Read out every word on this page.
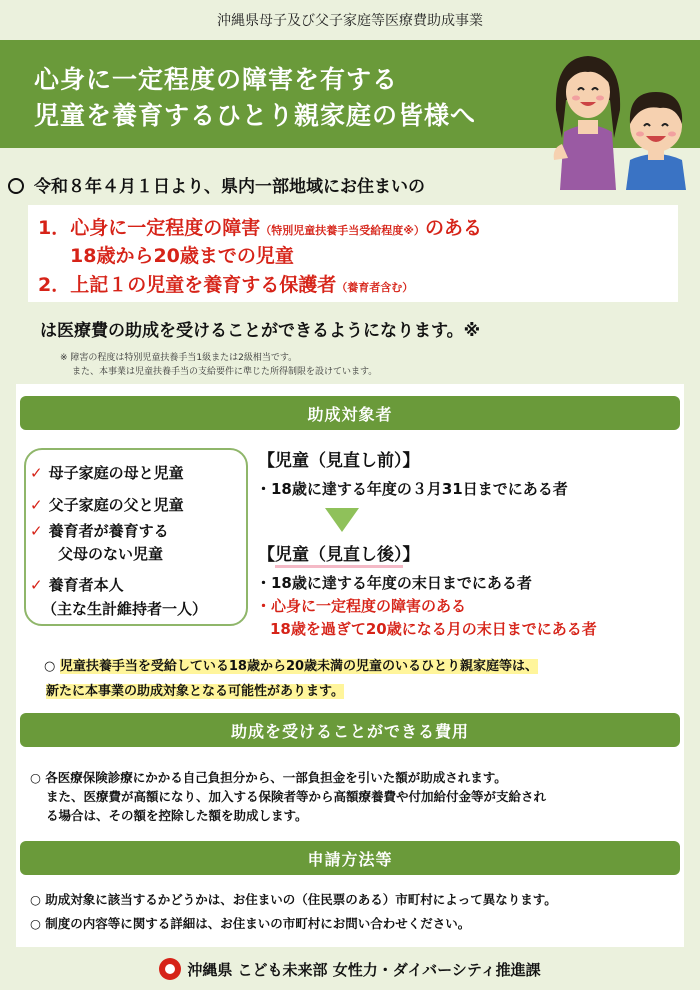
沖縄県母子及び父子家庭等医療費助成事業
心身に一定程度の障害を有する
児童を養育するひとり親家庭の皆様へ
令和８年４月１日より、県内一部地域にお住まいの
1．心身に一定程度の障害（特別児童扶養手当受給程度※）のある
18歳から20歳までの児童
2．上記１の児童を養育する保護者（養育者含む）
は医療費の助成を受けることができるようになります。※
※ 障害の程度は特別児童扶養手当1級または2級相当です。
また、本事業は児童扶養手当の支給要件に準じた所得制限を設けています。
助成対象者
✓ 母子家庭の母と児童
✓ 父子家庭の父と児童
✓ 養育者が養育する
父母のない児童
✓ 養育者本人
（主な生計維持者一人）
【児童（見直し前）】
・18歳に達する年度の３月31日までにある者
【児童（見直し後）】
・18歳に達する年度の末日までにある者
・心身に一定程度の障害のある
18歳を過ぎて20歳になる月の末日までにある者
○ 児童扶養手当を受給している18歳から20歳未満の児童のいるひとり親家庭等は、
新たに本事業の助成対象となる可能性があります。
助成を受けることができる費用
○ 各医療保険診療にかかる自己負担分から、一部負担金を引いた額が助成されます。
また、医療費が高額になり、加入する保険者等から高額療養費や付加給付金等が支給され
る場合は、その額を控除した額を助成します。
申請方法等
○ 助成対象に該当するかどうかは、お住まいの（住民票のある）市町村によって異なります。
○ 制度の内容等に関する詳細は、お住まいの市町村にお問い合わせください。
沖縄県 こども未来部 女性力・ダイバーシティ推進課
